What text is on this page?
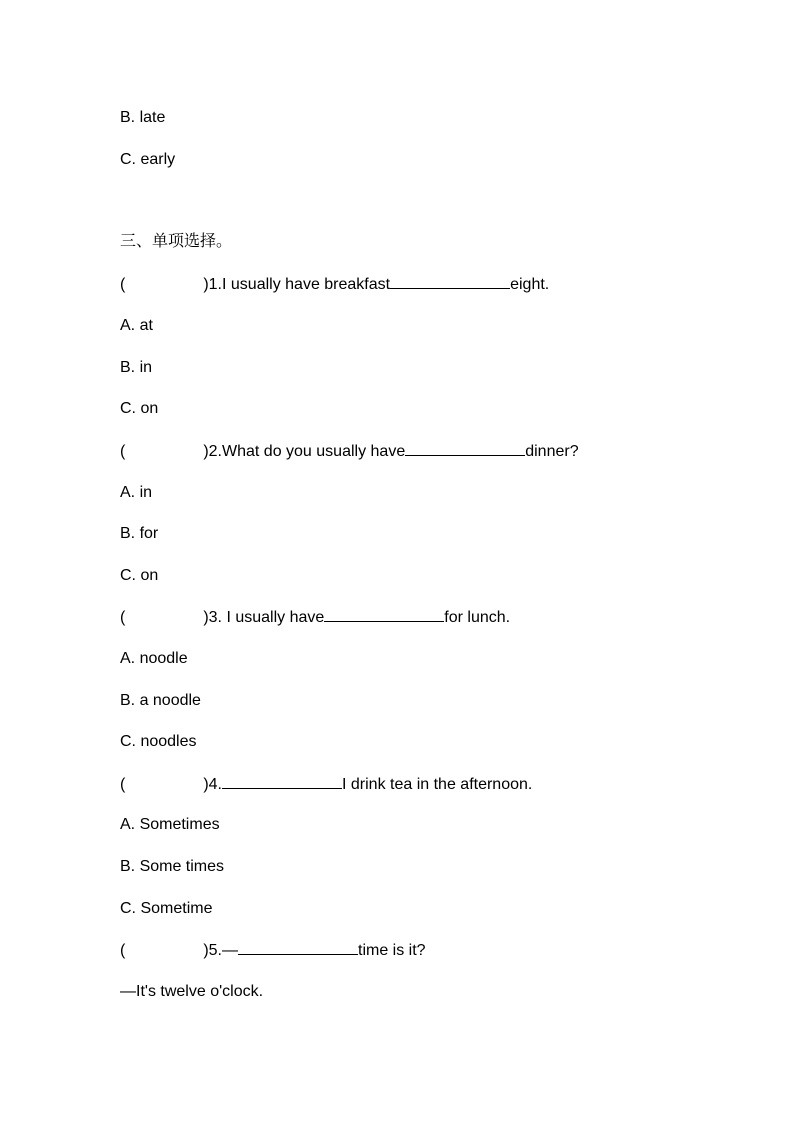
B. late
C. early
三、单项选择。
(	)1.I usually have breakfast	eight.
A. at
B. in
C. on
(	)2.What do you usually have	dinner?
A. in
B. for
C. on
(	)3. I usually have	for lunch.
A. noodle
B. a noodle
C. noodles
(	)4.	I drink tea in the afternoon.
A. Sometimes
B. Some times
C. Sometime
(	)5.—	time is it?
—It's twelve o'clock.
